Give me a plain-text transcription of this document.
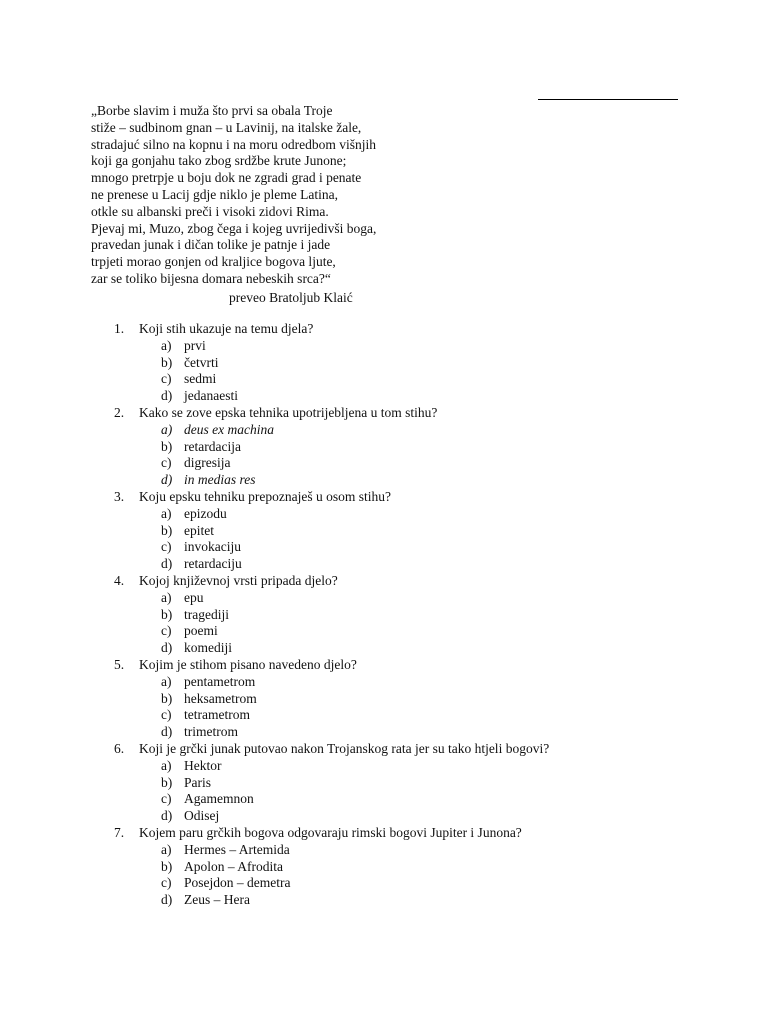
„Borbe slavim i muža što prvi sa obala Troje
stiže – sudbinom gnan – u Lavinij, na italske žale,
stradajuć silno na kopnu i na moru odredbom višnjih
koji ga gonjahu tako zbog srdžbe krute Junone;
mnogo pretrpje u boju dok ne zgradi grad i penate
ne prenese u Lacij gdje niklo je pleme Latina,
otkle su albanski preči i visoki zidovi Rima.
Pjevaj mi, Muzo, zbog čega i kojeg uvrijedivši boga,
pravedan junak i dičan tolike je patnje i jade
trpjeti morao gonjen od kraljice bogova ljute,
zar se toliko bijesna domara nebeskih srca?“
preveo Bratoljub Klaić
1. Koji stih ukazuje na temu djela?
a) prvi
b) četvrti
c) sedmi
d) jedanaesti
2. Kako se zove epska tehnika upotrijebljena u tom stihu?
a) deus ex machina
b) retardacija
c) digresija
d) in medias res
3. Koju epsku tehniku prepoznaješ u osom stihu?
a) epizodu
b) epitet
c) invokaciju
d) retardaciju
4. Kojoj književnoj vrsti pripada djelo?
a) epu
b) tragediji
c) poemi
d) komediji
5. Kojim je stihom pisano navedeno djelo?
a) pentametrom
b) heksametrom
c) tetrametrom
d) trimetrom
6. Koji je grčki junak putovao nakon Trojanskog rata jer su tako htjeli bogovi?
a) Hektor
b) Paris
c) Agamemnon
d) Odisej
7. Kojem paru grčkih bogova odgovaraju rimski bogovi Jupiter i Junona?
a) Hermes – Artemida
b) Apolon – Afrodita
c) Posejdon – demetra
d) Zeus – Hera
